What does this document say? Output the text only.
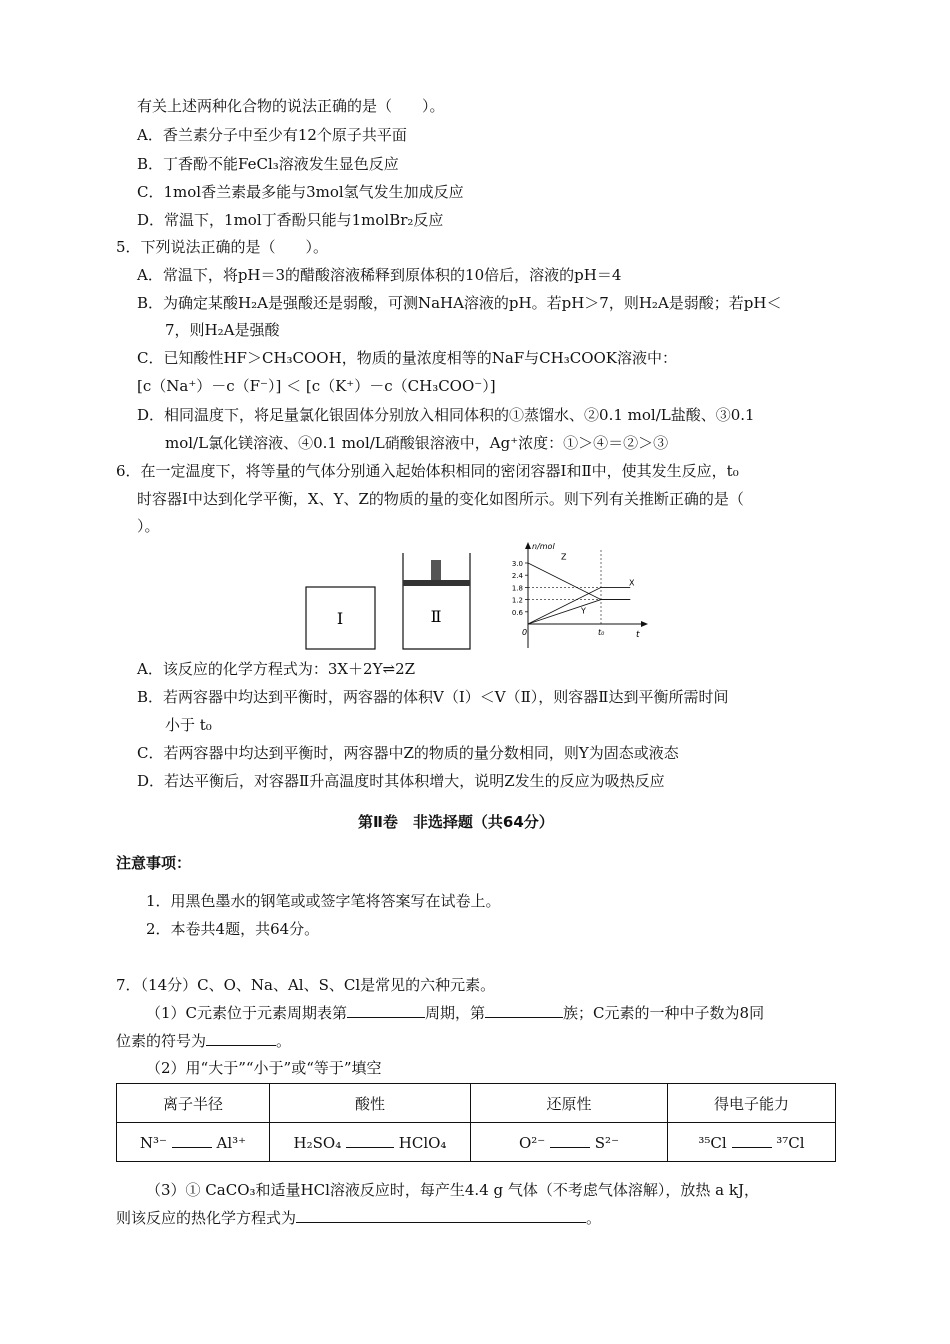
有关上述两种化合物的说法正确的是（　　）。
A．香兰素分子中至少有12个原子共平面
B．丁香酚不能FeCl₃溶液发生显色反应
C．1mol香兰素最多能与3mol氢气发生加成反应
D．常温下，1mol丁香酚只能与1molBr₂反应
5．下列说法正确的是（　　）。
A．常温下，将pH＝3的醋酸溶液稀释到原体积的10倍后，溶液的pH＝4
B．为确定某酸H₂A是强酸还是弱酸，可测NaHA溶液的pH。若pH＞7，则H₂A是弱酸；若pH＜
7，则H₂A是强酸
C．已知酸性HF＞CH₃COOH，物质的量浓度相等的NaF与CH₃COOK溶液中：
[c（Na⁺）－c（F⁻）] ＜ [c（K⁺）－c（CH₃COO⁻）]
D．相同温度下，将足量氯化银固体分别放入相同体积的①蒸馏水、②0.1 mol/L盐酸、③0.1
mol/L氯化镁溶液、④0.1 mol/L硝酸银溶液中，Ag⁺浓度：①＞④＝②＞③
6．在一定温度下，将等量的气体分别通入起始体积相同的密闭容器Ⅰ和Ⅱ中，使其发生反应，t₀
时容器Ⅰ中达到化学平衡，X、Y、Z的物质的量的变化如图所示。则下列有关推断正确的是（
）。
Ⅰ	Ⅱ
n/mol
t
0
3.0
2.4
1.8
1.2
0.6
t₀
Z
X
Y
A．该反应的化学方程式为：3X＋2Y⇌2Z
B．若两容器中均达到平衡时，两容器的体积V（Ⅰ）＜V（Ⅱ），则容器Ⅱ达到平衡所需时间
小于 t₀
C．若两容器中均达到平衡时，两容器中Z的物质的量分数相同，则Y为固态或液态
D．若达平衡后，对容器Ⅱ升高温度时其体积增大，说明Z发生的反应为吸热反应
第Ⅱ卷　非选择题（共64分）
注意事项：
1．用黑色墨水的钢笔或或签字笔将答案写在试卷上。
2．本卷共4题，共64分。
7．（14分）C、O、Na、Al、S、Cl是常见的六种元素。
（1）C元素位于元素周期表第	周期，第	族；C元素的一种中子数为8同
位素的符号为	。
（2）用“大于”“小于”或“等于”填空
离子半径	酸性	还原性	得电子能力
N³⁻ Al³⁺	H₂SO₄ HClO₄	O²⁻ S²⁻	³⁵Cl ³⁷Cl
（3）① CaCO₃和适量HCl溶液反应时，每产生4.4 g 气体（不考虑气体溶解），放热 a kJ，
则该反应的热化学方程式为	。
